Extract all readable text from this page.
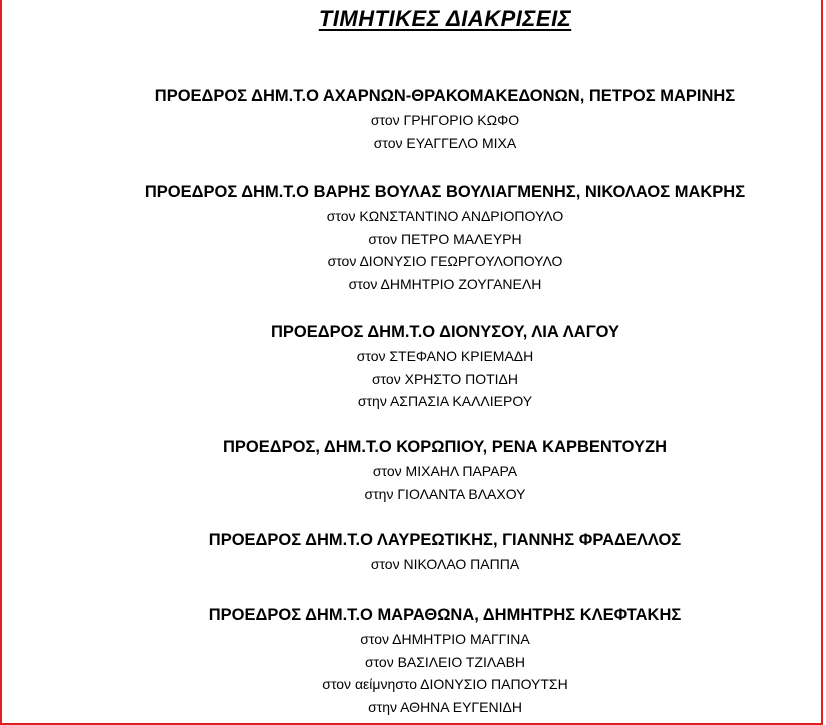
ΤΙΜΗΤΙΚΕΣ ΔΙΑΚΡΙΣΕΙΣ
ΠΡΟΕΔΡΟΣ ΔΗΜ.Τ.Ο ΑΧΑΡΝΩΝ-ΘΡΑΚΟΜΑΚΕΔΟΝΩΝ, ΠΕΤΡΟΣ ΜΑΡΙΝΗΣ
στον ΓΡΗΓΟΡΙΟ ΚΩΦΟ
στον ΕΥΑΓΓΕΛΟ ΜΙΧΑ
ΠΡΟΕΔΡΟΣ ΔΗΜ.Τ.Ο ΒΑΡΗΣ ΒΟΥΛΑΣ ΒΟΥΛΙΑΓΜΕΝΗΣ, ΝΙΚΟΛΑΟΣ ΜΑΚΡΗΣ
στον ΚΩΝΣΤΑΝΤΙΝΟ ΑΝΔΡΙΟΠΟΥΛΟ
στον ΠΕΤΡΟ ΜΑΛΕΥΡΗ
στον ΔΙΟΝΥΣΙΟ ΓΕΩΡΓΟΥΛΟΠΟΥΛΟ
στον ΔΗΜΗΤΡΙΟ ΖΟΥΓΑΝΕΛΗ
ΠΡΟΕΔΡΟΣ ΔΗΜ.Τ.Ο ΔΙΟΝΥΣΟΥ, ΛΙΑ ΛΑΓΟΥ
στον ΣΤΕΦΑΝΟ ΚΡΙΕΜΑΔΗ
στον ΧΡΗΣΤΟ ΠΟΤΙΔΗ
στην ΑΣΠΑΣΙΑ ΚΑΛΛΙΕΡΟΥ
ΠΡΟΕΔΡΟΣ, ΔΗΜ.Τ.Ο ΚΟΡΩΠΙΟΥ, ΡΕΝΑ ΚΑΡΒΕΝΤΟΥΖΗ
στον ΜΙΧΑΗΛ ΠΑΡΑΡΑ
στην ΓΙΟΛΑΝΤΑ ΒΛΑΧΟΥ
ΠΡΟΕΔΡΟΣ ΔΗΜ.Τ.Ο ΛΑΥΡΕΩΤΙΚΗΣ, ΓΙΑΝΝΗΣ ΦΡΑΔΕΛΛΟΣ
στον ΝΙΚΟΛΑΟ ΠΑΠΠΑ
ΠΡΟΕΔΡΟΣ ΔΗΜ.Τ.Ο ΜΑΡΑΘΩΝΑ, ΔΗΜΗΤΡΗΣ ΚΛΕΦΤΑΚΗΣ
στον ΔΗΜΗΤΡΙΟ ΜΑΓΓΙΝΑ
στον ΒΑΣΙΛΕΙΟ ΤΖΙΛΑΒΗ
στον αείμνηστο ΔΙΟΝΥΣΙΟ ΠΑΠΟΥΤΣΗ
στην ΑΘΗΝΑ ΕΥΓΕΝΙΔΗ
